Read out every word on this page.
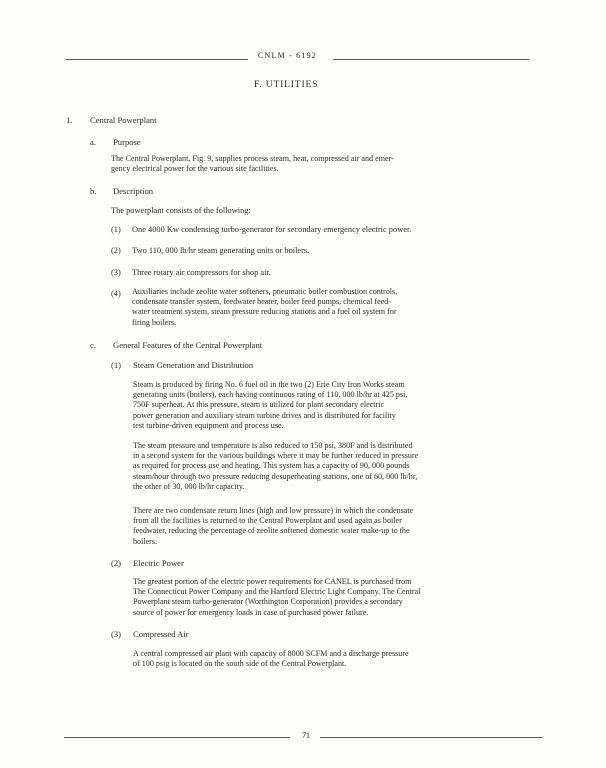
CNLM - 6192
F. UTILITIES
1. Central Powerplant
a. Purpose
The Central Powerplant, Fig. 9, supplies process steam, heat, compressed air and emer-
gency electrical power for the various site facilities.
b. Description
The powerplant consists of the following:
(1) One 4000 Kw condensing turbo-generator for secondary emergency electric power.
(2) Two 110, 000 lb/hr steam generating units or boilers.
(3) Three rotary air compressors for shop air.
(4) Auxiliaries include zeolite water softeners, pneumatic boiler combustion controls,
condensate transfer system, feedwater heater, boiler feed pumps, chemical feed-
water treatment system, steam pressure reducing stations and a fuel oil system for
firing boilers.
c. General Features of the Central Powerplant
(1) Steam Generation and Distribution
Steam is produced by firing No. 6 fuel oil in the two (2) Erie City Iron Works steam
generating units (boilers), each having continuous rating of 110, 000 lb/hr at 425 psi,
750F superheat. At this pressure, steam is utilized for plant secondary electric
power generation and auxiliary steam turbine drives and is distributed for facility
test turbine-driven equipment and process use.
The steam pressure and temperature is also reduced to 150 psi, 380F and is distributed
in a second system for the various buildings where it may be further reduced in pressure
as required for process use and heating. This system has a capacity of 90, 000 pounds
steam/hour through two pressure reducing desuperheating stations, one of 60, 000 lb/hr,
the other of 30, 000 lb/hr capacity.
There are two condensate return lines (high and low pressure) in which the condensate
from all the facilities is returned to the Central Powerplant and used again as boiler
feedwater, reducing the percentage of zeolite softened domestic water make-up to the
boilers.
(2) Electric Power
The greatest portion of the electric power requirements for CANEL is purchased from
The Connecticut Power Company and the Hartford Electric Light Company. The Central
Powerplant steam turbo-generator (Worthington Corporation) provides a secondary
source of power for emergency loads in case of purchased power failure.
(3) Compressed Air
A central compressed air plant with capacity of 8000 SCFM and a discharge pressure
of 100 psig is located on the south side of the Central Powerplant.
71
